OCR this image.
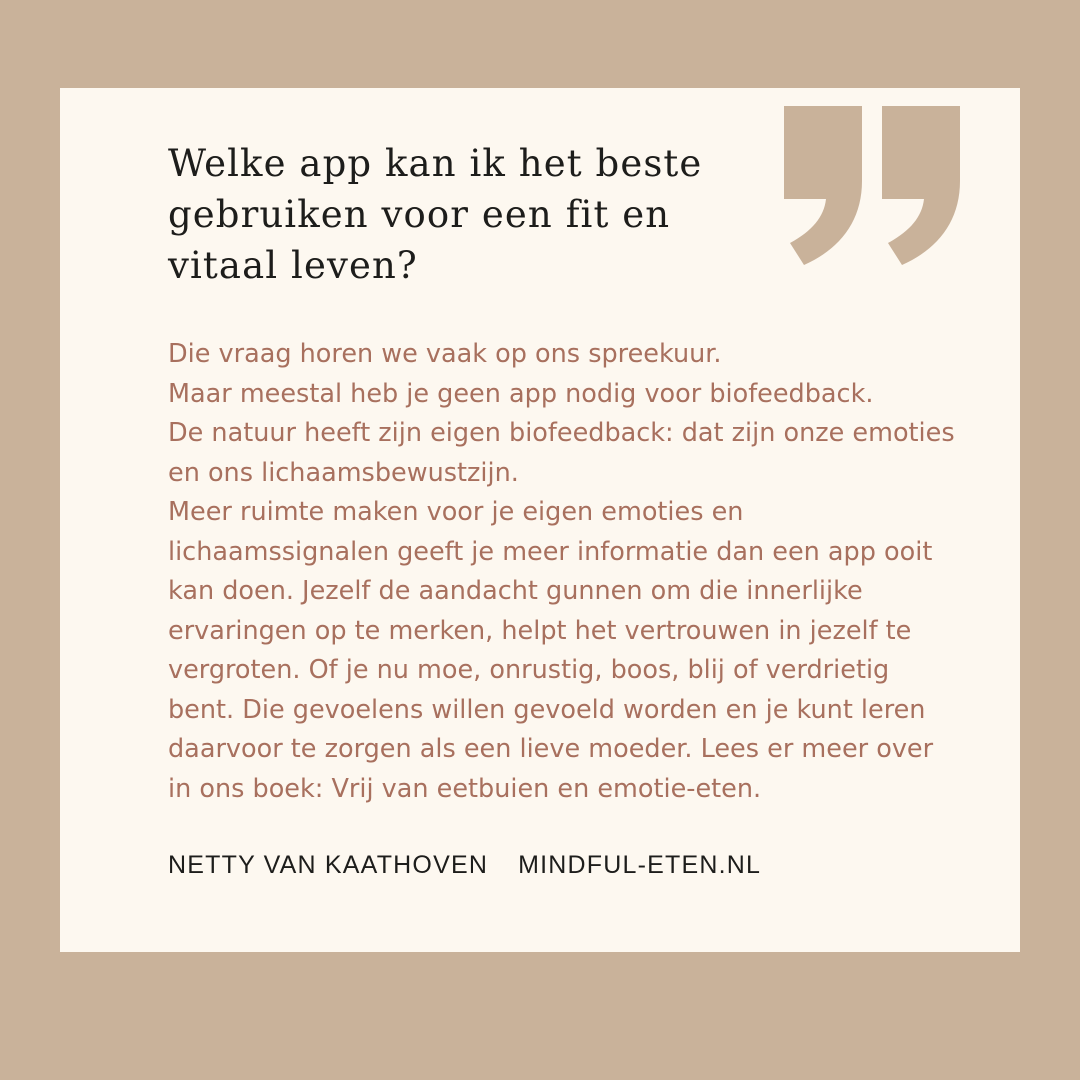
Welke app kan ik het beste gebruiken voor een fit en vitaal leven?

Die vraag horen we vaak op ons spreekuur.

Maar meestal heb je geen app nodig voor biofeedback.

De natuur heeft zijn eigen biofeedback: dat zijn onze emoties en ons lichaamsbewustzijn.

Meer ruimte maken voor je eigen emoties en lichaamssignalen geeft je meer informatie dan een app ooit kan doen. Jezelf de aandacht gunnen om die innerlijke ervaringen op te merken, helpt het vertrouwen in jezelf te vergroten. Of je nu moe, onrustig, boos, blij of verdrietig bent. Die gevoelens willen gevoeld worden en je kunt leren daarvoor te zorgen als een lieve moeder. Lees er meer over in ons boek: Vrij van eetbuien en emotie-eten.

NETTY VAN KAATHOVEN MINDFUL-ETEN.NL
